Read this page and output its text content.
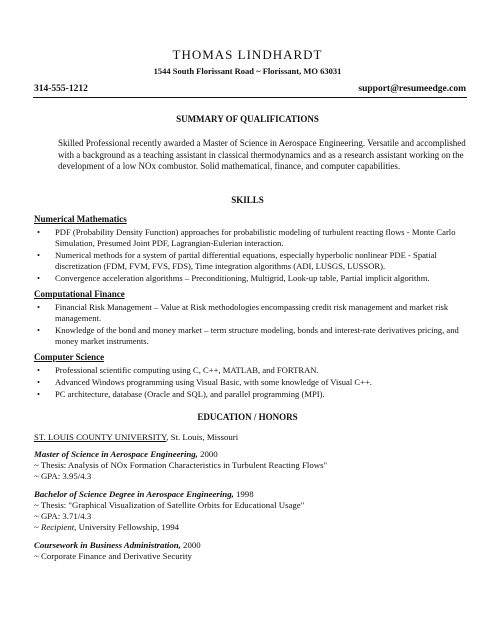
THOMAS LINDHARDT
1544 South Florissant Road ~ Florissant, MO 63031
314-555-1212	support@resumeedge.com
SUMMARY OF QUALIFICATIONS
Skilled Professional recently awarded a Master of Science in Aerospace Engineering. Versatile and accomplished with a background as a teaching assistant in classical thermodynamics and as a research assistant working on the development of a low NOx combustor. Solid mathematical, finance, and computer capabilities.
SKILLS
Numerical Mathematics
• PDF (Probability Density Function) approaches for probabilistic modeling of turbulent reacting flows - Monte Carlo Simulation, Presumed Joint PDF, Lagrangian-Eulerian interaction.
• Numerical methods for a system of partial differential equations, especially hyperbolic nonlinear PDE - Spatial discretization (FDM, FVM, FVS, FDS), Time integration algorithms (ADI, LUSGS, LUSSOR).
• Convergence acceleration algorithms – Preconditioning, Multigrid, Look-up table, Partial implicit algorithm.
Computational Finance
• Financial Risk Management – Value at Risk methodologies encompassing credit risk management and market risk management.
• Knowledge of the bond and money market – term structure modeling, bonds and interest-rate derivatives pricing, and money market instruments.
Computer Science
• Professional scientific computing using C, C++, MATLAB, and FORTRAN.
• Advanced Windows programming using Visual Basic, with some knowledge of Visual C++.
• PC architecture, database (Oracle and SQL), and parallel programming (MPI).
EDUCATION / HONORS
ST. LOUIS COUNTY UNIVERSITY, St. Louis, Missouri
Master of Science in Aerospace Engineering, 2000
~ Thesis: Analysis of NOx Formation Characteristics in Turbulent Reacting Flows"
~ GPA: 3.95/4.3
Bachelor of Science Degree in Aerospace Engineering, 1998
~ Thesis: "Graphical Visualization of Satellite Orbits for Educational Usage"
~ GPA: 3.71/4.3
~ Recipient, University Fellowship, 1994
Coursework in Business Administration, 2000
~ Corporate Finance and Derivative Security
